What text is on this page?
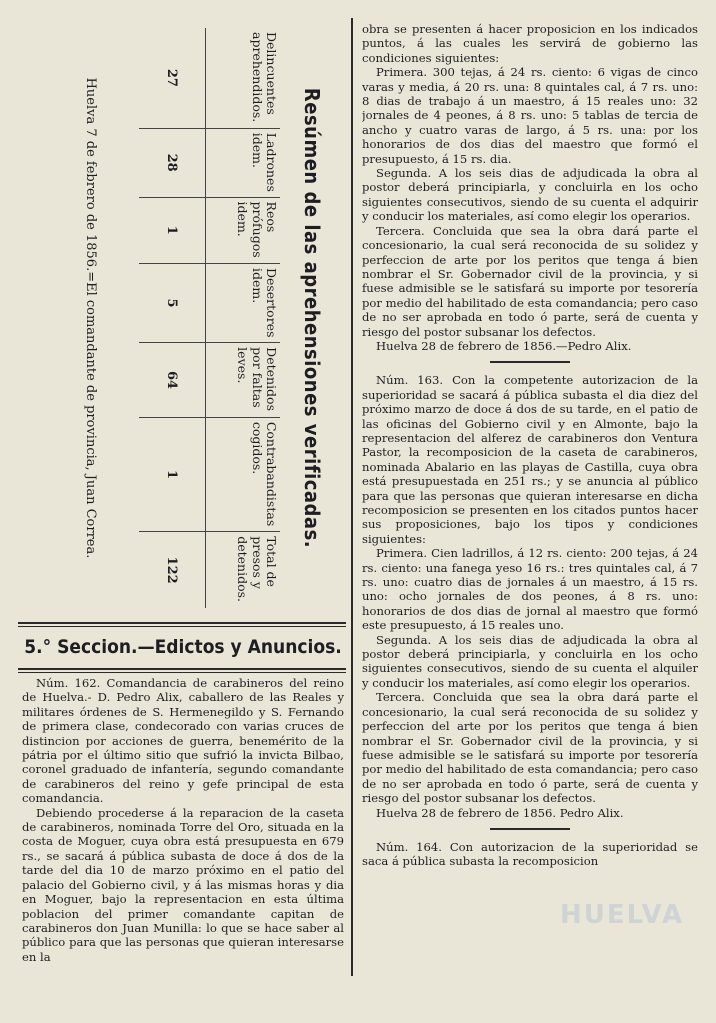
Resúmen de las aprehensiones verificadas.
Delincuentes aprehendidos.	Ladrones idem.	Reos prófugos idem.	Desertores idem.	Detenidos por faltas leves.	Contrabandistas cogidos.	Total de presos y detenidos.
27	28	1	5	64	1	122
Huelva 7 de febrero de 1856.=El comandante de provincia, Juan Correa.
5.° Seccion.—Edictos y Anuncios.

Núm. 162. Comandancia de carabineros del reino de Huelva.- D. Pedro Alix, caballero de las Reales y militares órdenes de S. Hermenegildo y S. Fernando de primera clase, condecorado con varias cruces de distincion por acciones de guerra, benemérito de la pátria por el último sitio que sufrió la invicta Bilbao, coronel graduado de infantería, segundo comandante de carabineros del reino y gefe principal de esta comandancia.

Debiendo procederse á la reparacion de la caseta de carabineros, nominada Torre del Oro, situada en la costa de Moguer, cuya obra está presupuesta en 679 rs., se sacará á pública subasta de doce á dos de la tarde del dia 10 de marzo próximo en el patio del palacio del Gobierno civil, y á las mismas horas y dia en Moguer, bajo la representacion en esta última poblacion del primer comandante capitan de carabineros don Juan Munilla: lo que se hace saber al público para que las personas que quieran interesarse en la

obra se presenten á hacer proposicion en los indicados puntos, á las cuales les servirá de gobierno las condiciones siguientes:

Primera. 300 tejas, á 24 rs. ciento: 6 vigas de cinco varas y media, á 20 rs. una: 8 quintales cal, á 7 rs. uno: 8 dias de trabajo á un maestro, á 15 reales uno: 32 jornales de 4 peones, á 8 rs. uno: 5 tablas de tercia de ancho y cuatro varas de largo, á 5 rs. una: por los honorarios de dos dias del maestro que formó el presupuesto, á 15 rs. dia.

Segunda. A los seis dias de adjudicada la obra al postor deberá principiarla, y concluirla en los ocho siguientes consecutivos, siendo de su cuenta el adquirir y conducir los materiales, así como elegir los operarios.

Tercera. Concluida que sea la obra dará parte el concesionario, la cual será reconocida de su solidez y perfeccion de arte por los peritos que tenga á bien nombrar el Sr. Gobernador civil de la provincia, y si fuese admisible se le satisfará su importe por tesorería por medio del habilitado de esta comandancia; pero caso de no ser aprobada en todo ó parte, será de cuenta y riesgo del postor subsanar los defectos.

Huelva 28 de febrero de 1856.—Pedro Alix.

Núm. 163. Con la competente autorizacion de la superioridad se sacará á pública subasta el dia diez del próximo marzo de doce á dos de su tarde, en el patio de las oficinas del Gobierno civil y en Almonte, bajo la representacion del alferez de carabineros don Ventura Pastor, la recomposicion de la caseta de carabineros, nominada Abalario en las playas de Castilla, cuya obra está presupuestada en 251 rs.; y se anuncia al público para que las personas que quieran interesarse en dicha recomposicion se presenten en los citados puntos hacer sus proposiciones, bajo los tipos y condiciones siguientes:

Primera. Cien ladrillos, á 12 rs. ciento: 200 tejas, á 24 rs. ciento: una fanega yeso 16 rs.: tres quintales cal, á 7 rs. uno: cuatro dias de jornales á un maestro, á 15 rs. uno: ocho jornales de dos peones, á 8 rs. uno: honorarios de dos dias de jornal al maestro que formó este presupuesto, á 15 reales uno.

Segunda. A los seis dias de adjudicada la obra al postor deberá principiarla, y concluirla en los ocho siguientes consecutivos, siendo de su cuenta el alquiler y conducir los materiales, así como elegir los operarios.

Tercera. Concluida que sea la obra dará parte el concesionario, la cual será reconocida de su solidez y perfeccion del arte por los peritos que tenga á bien nombrar el Sr. Gobernador civil de la provincia, y si fuese admisible se le satisfará su importe por tesorería por medio del habilitado de esta comandancia; pero caso de no ser aprobada en todo ó parte, será de cuenta y riesgo del postor subsanar los defectos.

Huelva 28 de febrero de 1856. Pedro Alix.

Núm. 164. Con autorizacion de la superioridad se saca á pública subasta la recomposicion

HUELVA
